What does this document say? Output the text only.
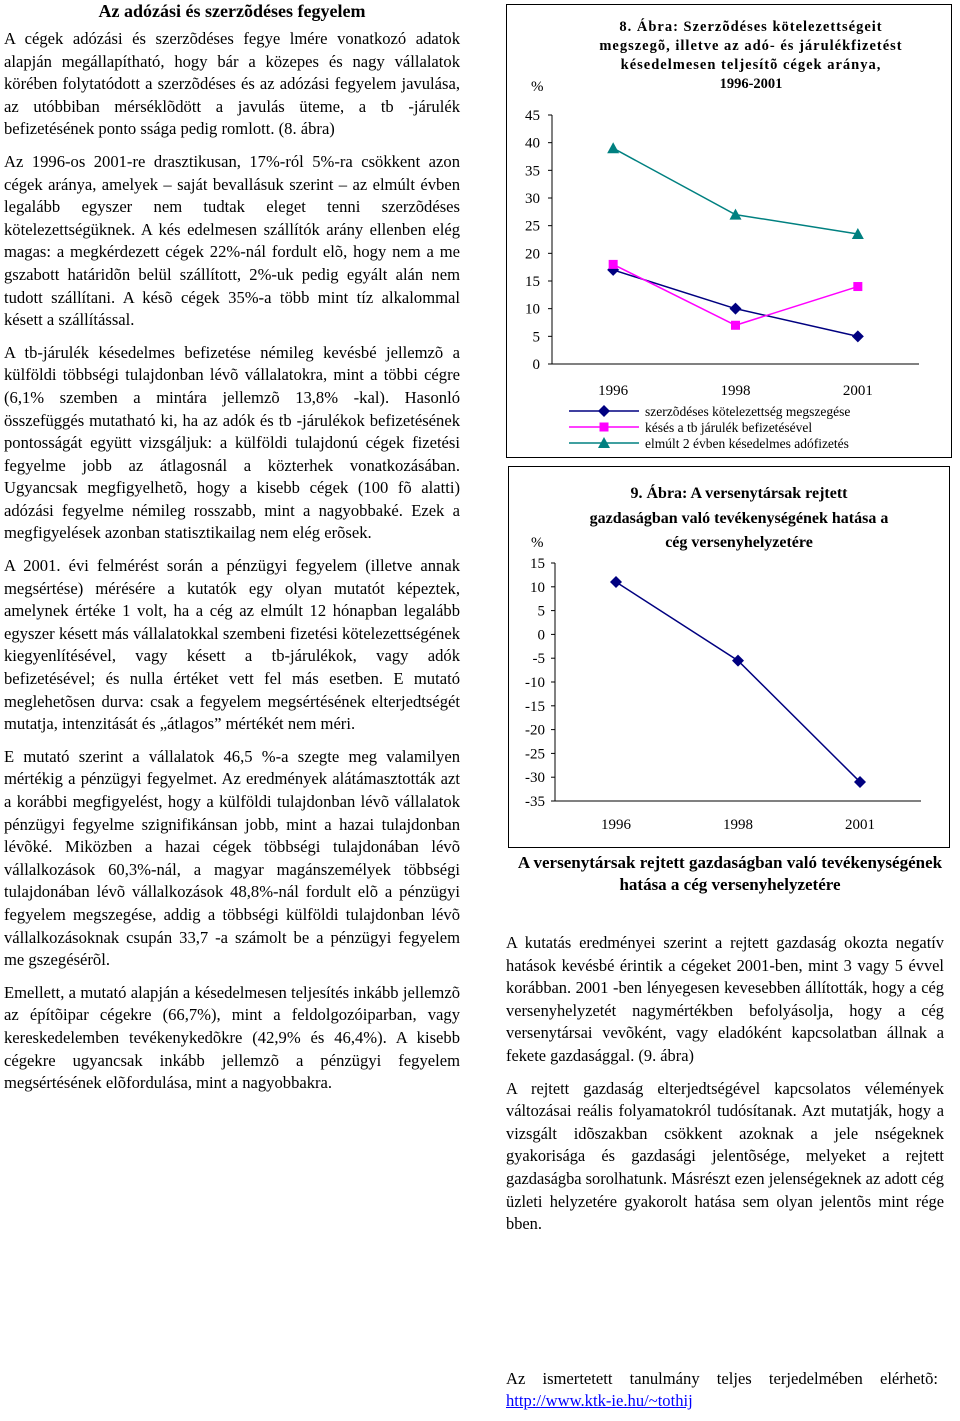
Az adózási és szerzõdéses fegyelem

A cégek adózási és szerzõdéses fegye lmére vonatkozó adatok alapján megállapítható, hogy bár a közepes és nagy vállalatok körében folytatódott a szerzõdéses és az adózási fegyelem javulása, az utóbbiban mérséklõdött a javulás üteme, a tb -járulék befizetésének ponto ssága pedig romlott. (8. ábra)

Az 1996-os 2001-re drasztikusan, 17%-ról 5%-ra csökkent azon cégek aránya, amelyek – saját bevallásuk szerint – az elmúlt évben legalább egyszer nem tudtak eleget tenni szerzõdéses kötelezettségüknek. A kés edelmesen szállítók arány ellenben elég magas: a megkérdezett cégek 22%-nál fordult elõ, hogy nem a me gszabott határidõn belül szállított, 2%-uk pedig egyált alán nem tudott szállítani. A késõ cégek 35%-a több mint tíz alkalommal késett a szállítással.

A tb-járulék késedelmes befizetése némileg kevésbé jellemzõ a külföldi többségi tulajdonban lévõ vállalatokra, mint a többi cégre (6,1% szemben a mintára jellemzõ 13,8% -kal). Hasonló összefüggés mutatható ki, ha az adók és tb -járulékok befizetésének pontosságát együtt vizsgáljuk: a külföldi tulajdonú cégek fizetési fegyelme jobb az átlagosnál a közterhek vonatkozásában. Ugyancsak megfigyelhetõ, hogy a kisebb cégek (100 fõ alatti) adózási fegyelme némileg rosszabb, mint a nagyobbaké. Ezek a megfigyelések azonban statisztikailag nem elég erõsek.

A 2001. évi felmérést során a pénzügyi fegyelem (illetve annak megsértése) mérésére a kutatók egy olyan mutatót képeztek, amelynek értéke 1 volt, ha a cég az elmúlt 12 hónapban legalább egyszer késett más vállalatokkal szembeni fizetési kötelezettségének kiegyenlítésével, vagy késett a tb-járulékok, vagy adók befizetésével; és nulla értéket vett fel más esetben. E mutató meglehetõsen durva: csak a fegyelem megsértésének elterjedtségét mutatja, intenzitását és „átlagos” mértékét nem méri.

E mutató szerint a vállalatok 46,5 %-a szegte meg valamilyen mértékig a pénzügyi fegyelmet. Az eredmények alátámasztották azt a korábbi megfigyelést, hogy a külföldi tulajdonban lévõ vállalatok pénzügyi fegyelme szignifikánsan jobb, mint a hazai tulajdonban lévõké. Miközben a hazai cégek többségi tulajdonában lévõ vállalkozások 60,3%-nál, a magyar magánszemélyek többségi tulajdonában lévõ vállalkozások 48,8%-nál fordult elõ a pénzügyi fegyelem megszegése, addig a többségi külföldi tulajdonban lévõ vállalkozásoknak csupán 33,7 -a számolt be a pénzügyi fegyelem me gszegésérõl.

Emellett, a mutató alapján a késedelmesen teljesítés inkább jellemzõ az építõipar cégekre (66,7%), mint a feldolgozóiparban, vagy kereskedelemben tevékenykedõkre (42,9% és 46,4%). A kisebb cégekre ugyancsak inkább jellemzõ a pénzügyi fegyelem megsértésének elõfordulása, mint a nagyobbakra.

8. Ábra: Szerzõdéses kötelezettségeit
megszegõ, illetve az adó- és járulékfizetést
késedelmesen teljesítõ cégek aránya,
1996-2001
%
0
5
10
15
20
25
30
35
40
45
1996	1998	2001
szerzõdéses kötelezettség megszegése
késés a tb járulék befizetésével
elmúlt 2 évben késedelmes adófizetés
9. Ábra: A versenytársak rejtett
gazdaságban való tevékenységének hatása a
cég versenyhelyzetére
%
15
10
5
0
-5
-10
-15
-20
-25
-30
-35
1996	1998	2001
A versenytársak rejtett gazdaságban való tevékenységének hatása a cég versenyhelyzetére
A kutatás eredményei szerint a rejtett gazdaság okozta negatív hatások kevésbé érintik a cégeket 2001-ben, mint 3 vagy 5 évvel korábban. 2001 -ben lényegesen kevesebben állították, hogy a cég versenyhelyzetét nagymértékben befolyásolja, hogy a cég versenytársai vevõként, vagy eladóként kapcsolatban állnak a fekete gazdasággal. (9. ábra)
A rejtett gazdaság elterjedtségével kapcsolatos vélemények változásai reális folyamatokról tudósítanak. Azt mutatják, hogy a vizsgált idõszakban csökkent azoknak a jele nségeknek gyakorisága és gazdasági jelentõsége, melyeket a rejtett gazdaságba sorolhatunk. Másrészt ezen jelenségeknek az adott cég üzleti helyzetére gyakorolt hatása sem olyan jelentõs mint rége bben.
Az ismertetett tanulmány teljes terjedelmében elérhetõ: http://www.ktk-ie.hu/~tothij
